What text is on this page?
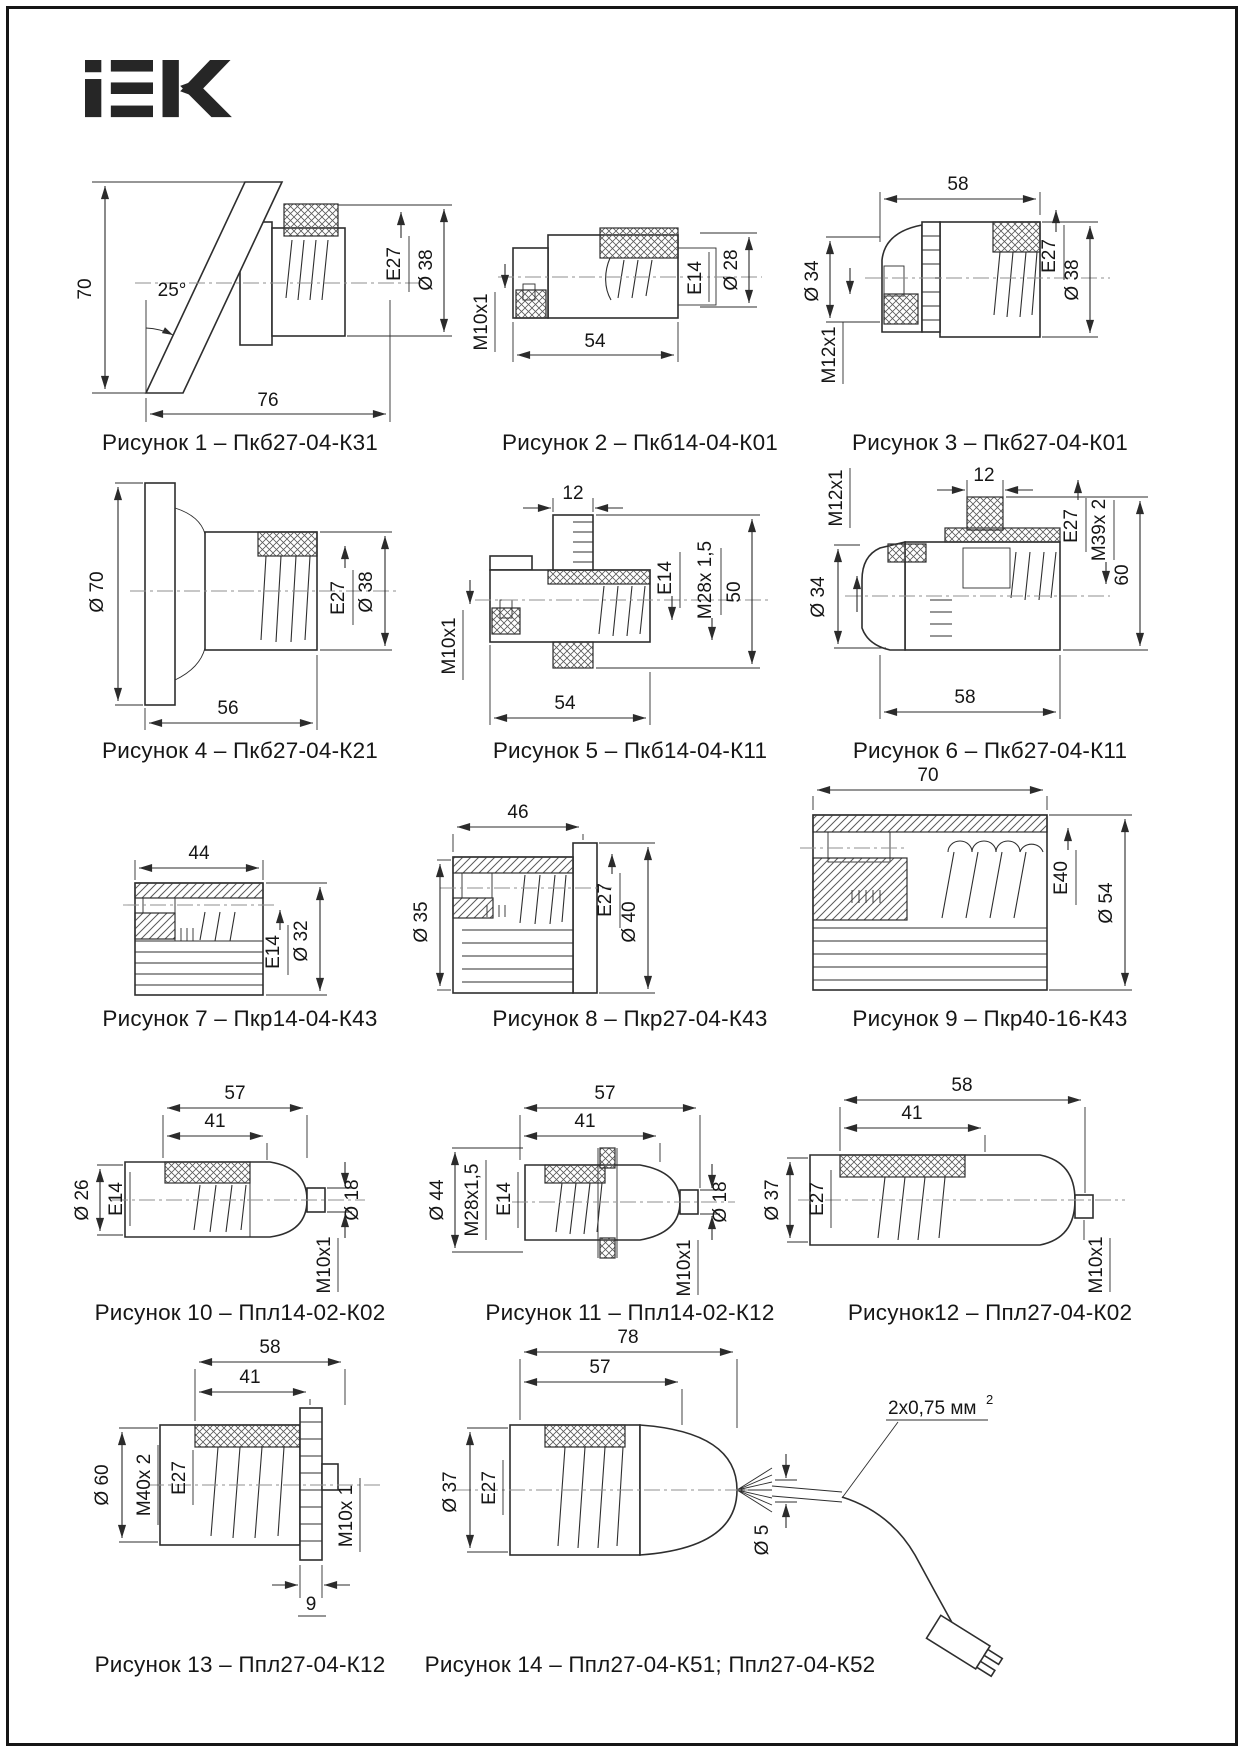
70	25°
76
E27 Ø 38
M10x1
E14 Ø 28
54
58
Ø 34
M12x1
E27
Ø 38
Ø 70	E27 Ø 38
56
12
M10x1
E14 M28x 1,5 50
54
M12x1	12
Ø 34
58
E27 M39x 2
60
44
E14 Ø 32
46
Ø 35
E27
Ø 40
70
E40
Ø 54
57
41
Ø 26 E14	Ø 18
M10x1
57
41
Ø 44 M28x1,5 E14	Ø 18
M10x1
58
41
Ø 37 E27
M10x1
58
41
Ø 60 M40x 2 E27
M10x 1
9
78
57
Ø 37 E27
Ø 5
2x0,75 мм 2
Рисунок 1 – Пкб27-04-К31	Рисунок 2 – Пкб14-04-К01	Рисунок 3 – Пкб27-04-К01
Рисунок 4 – Пкб27-04-К21	Рисунок 5 – Пкб14-04-К11	Рисунок 6 – Пкб27-04-К11
Рисунок 7 – Пкр14-04-К43	Рисунок 8 – Пкр27-04-К43	Рисунок 9 – Пкр40-16-К43
Рисунок 10 – Ппл14-02-К02	Рисунок 11 – Ппл14-02-К12	Рисунок12 – Ппл27-04-К02
Рисунок 13 – Ппл27-04-К12	Рисунок 14 – Ппл27-04-К51; Ппл27-04-К52
